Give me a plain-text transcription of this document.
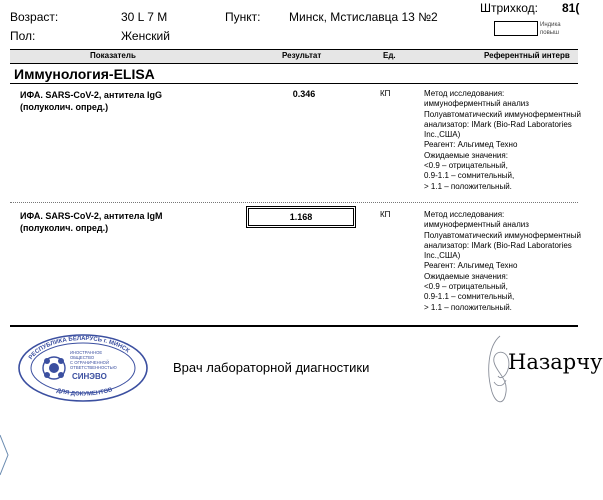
Возраст:	30 L 7 M	Пункт: Минск, Мстиславца 13 №2
Пол:	Женский
Штрихкод: 81(
Индика
повыш
Показатель	Результат	Ед.	Референтный интерв
Иммунология-ELISA
ИФА. SARS-CoV-2, антитела IgG
(полуколич. опред.)
0.346	КП	Метод исследования:
иммуноферментный анализ
Полуавтоматический иммуноферментный
анализатор: IMark (Bio-Rad Laboratories
Inc.,США)
Реагент: Альгимед Техно
Ожидаемые значения:
<0.9 – отрицательный,
0.9-1.1 – сомнительный,
> 1.1 – положительный.
ИФА. SARS-CoV-2, антитела IgM
(полуколич. опред.)
1.168	КП	Метод исследования:
иммуноферментный анализ
Полуавтоматический иммуноферментный
анализатор: IMark (Bio-Rad Laboratories
Inc.,США)
Реагент: Альгимед Техно
Ожидаемые значения:
<0.9 – отрицательный,
0.9-1.1 – сомнительный,
> 1.1 – положительный.
РЕСПУБЛИКА БЕЛАРУСЬ г. МИНСК
ДЛЯ ДОКУМЕНТОВ
ИНОСТРАННОЕ
ОБЩЕСТВО
С ОГРАНИЧЕННОЙ
ОТВЕТСТВЕННОСТЬЮ
СИНЭВО
Врач лабораторной диагностики	Назарчу
